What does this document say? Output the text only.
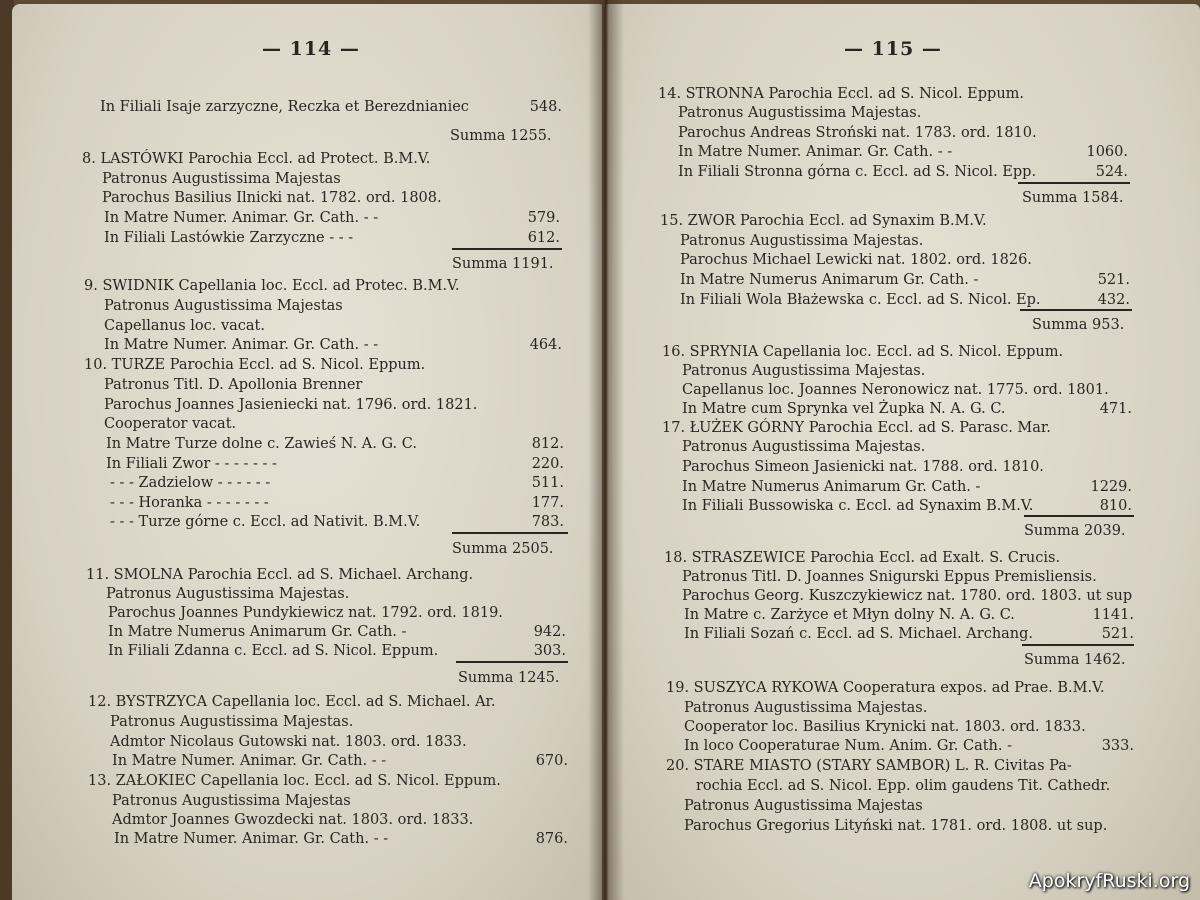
— 114 —
In Filiali Isaje zarzyczne, Reczka et Berezdnianiec	548.
Summa 1255.
8. LASTÓWKI Parochia Eccl. ad Protect. B.M.V.
Patronus Augustissima Majestas
Parochus Basilius Ilnicki nat. 1782. ord. 1808.
In Matre Numer. Animar. Gr. Cath. - -	579.
In Filiali Lastówkie Zarzyczne - - -	612.
Summa 1191.
9. SWIDNIK Capellania loc. Eccl. ad Protec. B.M.V.
Patronus Augustissima Majestas
Capellanus loc. vacat.
In Matre Numer. Animar. Gr. Cath. - -	464.
10. TURZE Parochia Eccl. ad S. Nicol. Eppum.
Patronus Titl. D. Apollonia Brenner
Parochus Joannes Jasieniecki nat. 1796. ord. 1821.
Cooperator vacat.
In Matre Turze dolne c. Zawieś N. A. G. C.	812.
In Filiali Zwor - - - - - - -	220.
- - - Zadzielow - - - - - -	511.
- - - Horanka - - - - - - -	177.
- - - Turze górne c. Eccl. ad Nativit. B.M.V.	783.
Summa 2505.
11. SMOLNA Parochia Eccl. ad S. Michael. Archang.
Patronus Augustissima Majestas.
Parochus Joannes Pundykiewicz nat. 1792. ord. 1819.
In Matre Numerus Animarum Gr. Cath. -	942.
In Filiali Zdanna c. Eccl. ad S. Nicol. Eppum.	303.
Summa 1245.
12. BYSTRZYCA Capellania loc. Eccl. ad S. Michael. Ar.
Patronus Augustissima Majestas.
Admtor Nicolaus Gutowski nat. 1803. ord. 1833.
In Matre Numer. Animar. Gr. Cath. - -	670.
13. ZAŁOKIEC Capellania loc. Eccl. ad S. Nicol. Eppum.
Patronus Augustissima Majestas
Admtor Joannes Gwozdecki nat. 1803. ord. 1833.
In Matre Numer. Animar. Gr. Cath. - -	876.
— 115 —
14. STRONNA Parochia Eccl. ad S. Nicol. Eppum.
Patronus Augustissima Majestas.
Parochus Andreas Stroński nat. 1783. ord. 1810.
In Matre Numer. Animar. Gr. Cath. - -	1060.
In Filiali Stronna górna c. Eccl. ad S. Nicol. Epp.	524.
Summa 1584.
15. ZWOR Parochia Eccl. ad Synaxim B.M.V.
Patronus Augustissima Majestas.
Parochus Michael Lewicki nat. 1802. ord. 1826.
In Matre Numerus Animarum Gr. Cath. -	521.
In Filiali Wola Błażewska c. Eccl. ad S. Nicol. Ep.	432.
Summa 953.
16. SPRYNIA Capellania loc. Eccl. ad S. Nicol. Eppum.
Patronus Augustissima Majestas.
Capellanus loc. Joannes Neronowicz nat. 1775. ord. 1801.
In Matre cum Sprynka vel Żupka N. A. G. C.	471.
17. ŁUŻEK GÓRNY Parochia Eccl. ad S. Parasc. Mar.
Patronus Augustissima Majestas.
Parochus Simeon Jasienicki nat. 1788. ord. 1810.
In Matre Numerus Animarum Gr. Cath. -	1229.
In Filiali Bussowiska c. Eccl. ad Synaxim B.M.V.	810.
Summa 2039.
18. STRASZEWICE Parochia Eccl. ad Exalt. S. Crucis.
Patronus Titl. D. Joannes Snigurski Eppus Premisliensis.
Parochus Georg. Kuszczykiewicz nat. 1780. ord. 1803. ut sup
In Matre c. Zarżyce et Młyn dolny N. A. G. C.	1141.
In Filiali Sozań c. Eccl. ad S. Michael. Archang.	521.
Summa 1462.
19. SUSZYCA RYKOWA Cooperatura expos. ad Prae. B.M.V.
Patronus Augustissima Majestas.
Cooperator loc. Basilius Krynicki nat. 1803. ord. 1833.
In loco Cooperaturae Num. Anim. Gr. Cath. -	333.
20. STARE MIASTO (STARY SAMBOR) L. R. Civitas Pa-
rochia Eccl. ad S. Nicol. Epp. olim gaudens Tit. Cathedr.
Patronus Augustissima Majestas
Parochus Gregorius Lityński nat. 1781. ord. 1808. ut sup.
ApokryfRuski.org
